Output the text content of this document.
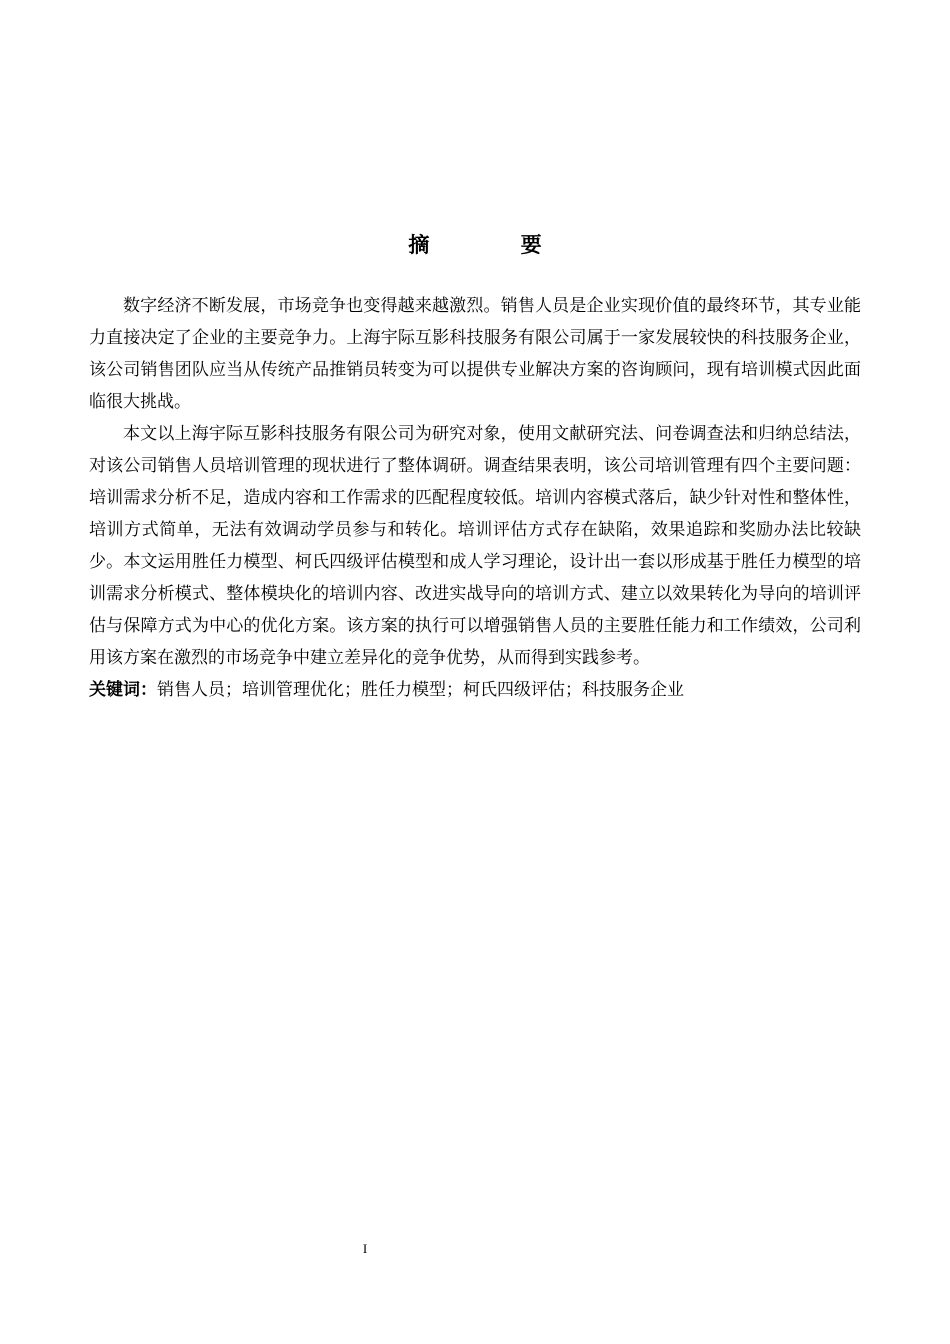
摘 要

数字经济不断发展，市场竞争也变得越来越激烈。销售人员是企业实现价值的最终环节，其专业能力直接决定了企业的主要竞争力。上海宇际互影科技服务有限公司属于一家发展较快的科技服务企业，该公司销售团队应当从传统产品推销员转变为可以提供专业解决方案的咨询顾问，现有培训模式因此面临很大挑战。

本文以上海宇际互影科技服务有限公司为研究对象，使用文献研究法、问卷调查法和归纳总结法，对该公司销售人员培训管理的现状进行了整体调研。调查结果表明，该公司培训管理有四个主要问题：培训需求分析不足，造成内容和工作需求的匹配程度较低。培训内容模式落后，缺少针对性和整体性，培训方式简单，无法有效调动学员参与和转化。培训评估方式存在缺陷，效果追踪和奖励办法比较缺少。本文运用胜任力模型、柯氏四级评估模型和成人学习理论，设计出一套以形成基于胜任力模型的培训需求分析模式、整体模块化的培训内容、改进实战导向的培训方式、建立以效果转化为导向的培训评估与保障方式为中心的优化方案。该方案的执行可以增强销售人员的主要胜任能力和工作绩效，公司利用该方案在激烈的市场竞争中建立差异化的竞争优势，从而得到实践参考。

关键词：销售人员；培训管理优化；胜任力模型；柯氏四级评估；科技服务企业

I
